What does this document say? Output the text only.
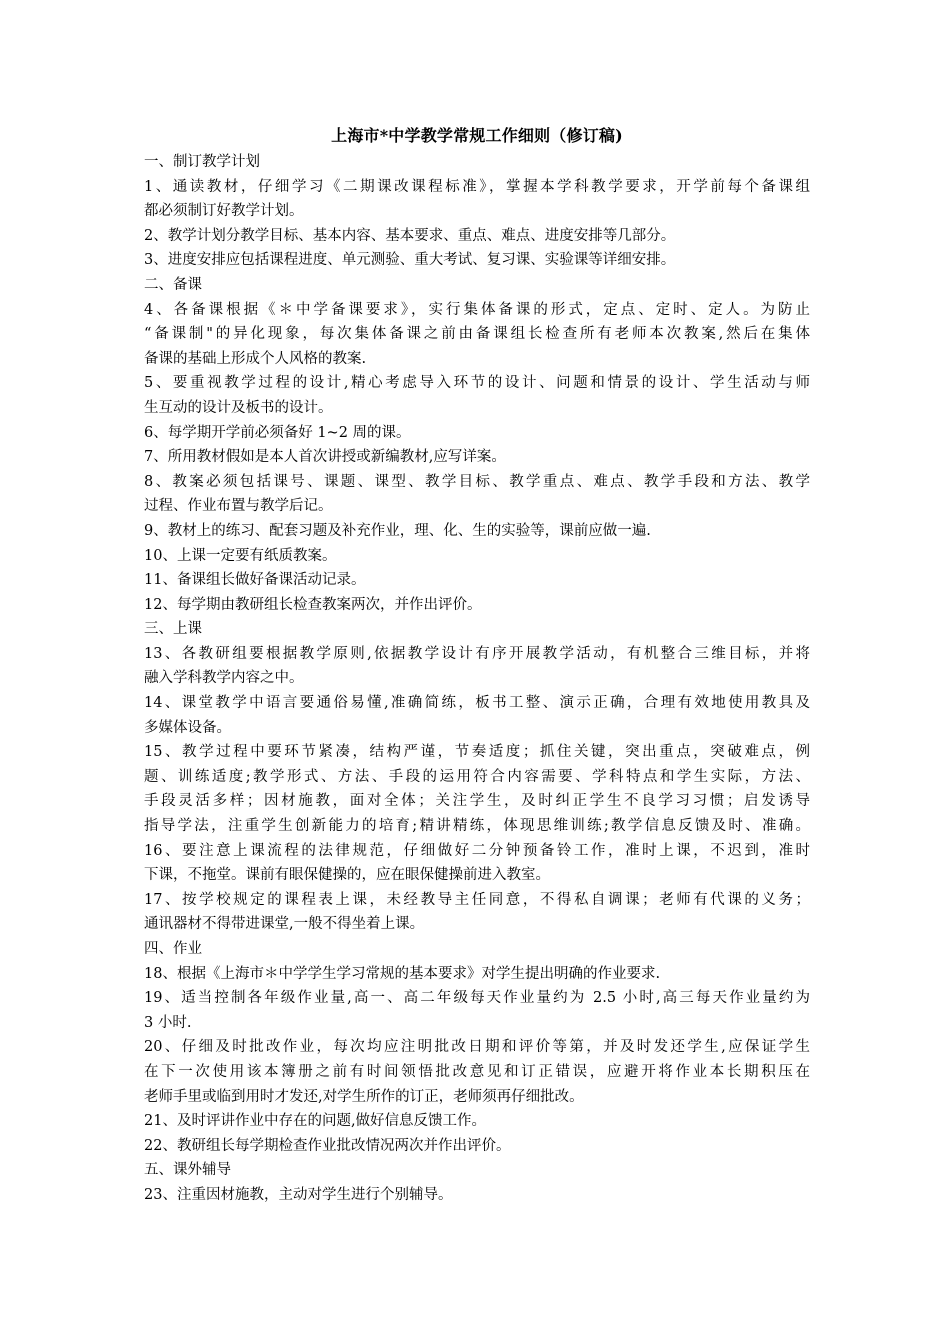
上海市*中学教学常规工作细则（修订稿)

一、制订教学计划

1、通读教材，仔细学习《二期课改课程标准》，掌握本学科教学要求，开学前每个备课组

都必须制订好教学计划。

2、教学计划分教学目标、基本内容、基本要求、重点、难点、进度安排等几部分。

3、进度安排应包括课程进度、单元测验、重大考试、复习课、实验课等详细安排。

二、备课

4、各备课根据《＊中学备课要求》，实行集体备课的形式，定点、定时、定人。为防止

“备课制"的异化现象，每次集体备课之前由备课组长检查所有老师本次教案,然后在集体

备课的基础上形成个人风格的教案.

5、要重视教学过程的设计,精心考虑导入环节的设计、问题和情景的设计、学生活动与师

生互动的设计及板书的设计。

6、每学期开学前必须备好 1~2 周的课。

7、所用教材假如是本人首次讲授或新编教材,应写详案。

8、教案必须包括课号、课题、课型、教学目标、教学重点、难点、教学手段和方法、教学

过程、作业布置与教学后记。

9、教材上的练习、配套习题及补充作业，理、化、生的实验等，课前应做一遍.

10、上课一定要有纸质教案。

11、备课组长做好备课活动记录。

12、每学期由教研组长检查教案两次，并作出评价。

三、上课

13、各教研组要根据教学原则,依据教学设计有序开展教学活动，有机整合三维目标，并将

融入学科教学内容之中。

14、课堂教学中语言要通俗易懂,准确简练，板书工整、演示正确，合理有效地使用教具及

多媒体设备。

15、教学过程中要环节紧凑，结构严谨，节奏适度；抓住关键，突出重点，突破难点，例

题、训练适度;教学形式、方法、手段的运用符合内容需要、学科特点和学生实际，方法、

手段灵活多样；因材施教，面对全体；关注学生，及时纠正学生不良学习习惯；启发诱导

指导学法，注重学生创新能力的培育;精讲精练，体现思维训练;教学信息反馈及时、准确。

16、要注意上课流程的法律规范，仔细做好二分钟预备铃工作，准时上课，不迟到，准时

下课，不拖堂。课前有眼保健操的，应在眼保健操前进入教室。

17、按学校规定的课程表上课，未经教导主任同意，不得私自调课；老师有代课的义务；

通讯器材不得带进课堂,一般不得坐着上课。

四、作业

18、根据《上海市＊中学学生学习常规的基本要求》对学生提出明确的作业要求.

19、适当控制各年级作业量,高一、高二年级每天作业量约为 2.5 小时,高三每天作业量约为

3 小时.

20、仔细及时批改作业，每次均应注明批改日期和评价等第，并及时发还学生,应保证学生

在下一次使用该本簿册之前有时间领悟批改意见和订正错误，应避开将作业本长期积压在

老师手里或临到用时才发还,对学生所作的订正，老师须再仔细批改。

21、及时评讲作业中存在的问题,做好信息反馈工作。

22、教研组长每学期检查作业批改情况两次并作出评价。

五、课外辅导

23、注重因材施教，主动对学生进行个别辅导。
